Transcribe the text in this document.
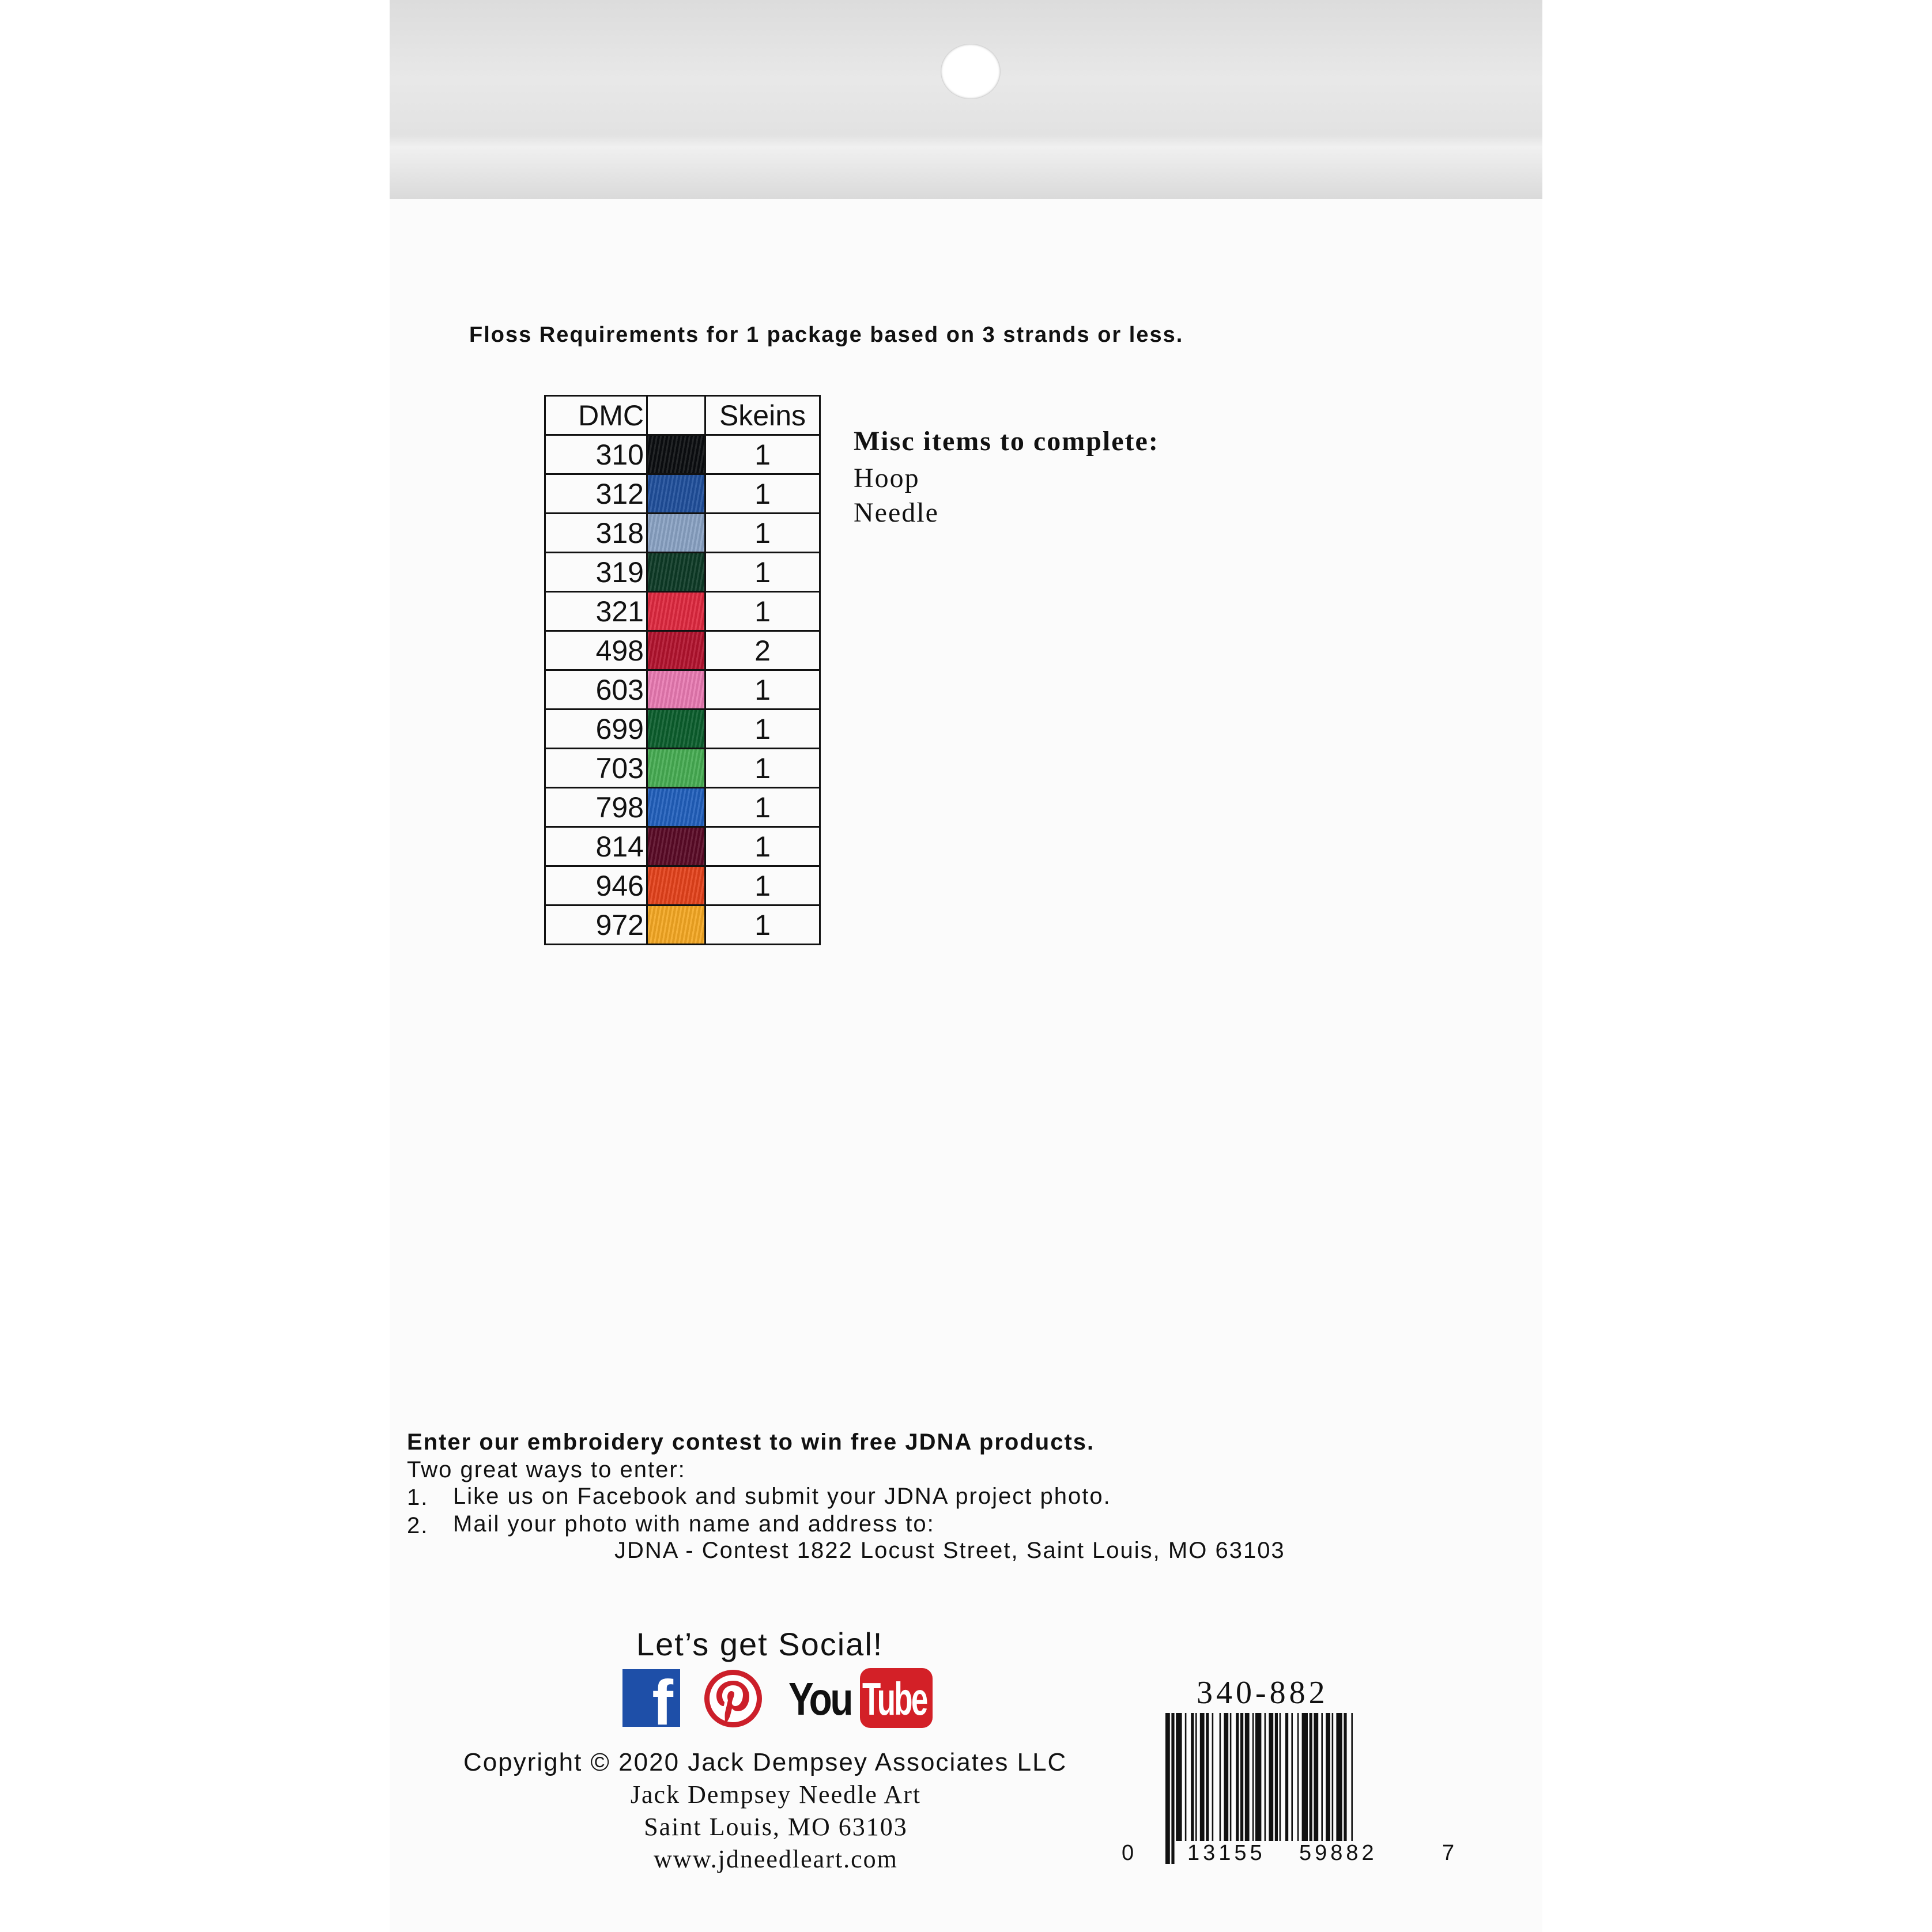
Floss Requirements for 1 package based on 3 strands or less.
DMC		Skeins
310		1
312		1
318		1
319		1
321		1
498		2
603		1
699		1
703		1
798		1
814		1
946		1
972		1
Misc items to complete:
Hoop
Needle
Enter our embroidery contest to win free JDNA products.
Two great ways to enter:
1. Like us on Facebook and submit your JDNA project photo.
2. Mail your photo with name and address to:
JDNA - Contest 1822 Locust Street, Saint Louis, MO 63103
Let’s get Social!
f	You Tube
Copyright © 2020 Jack Dempsey Associates LLC
Jack Dempsey Needle Art
Saint Louis, MO 63103
www.jdneedleart.com
340-882
0 13155 59882	7
